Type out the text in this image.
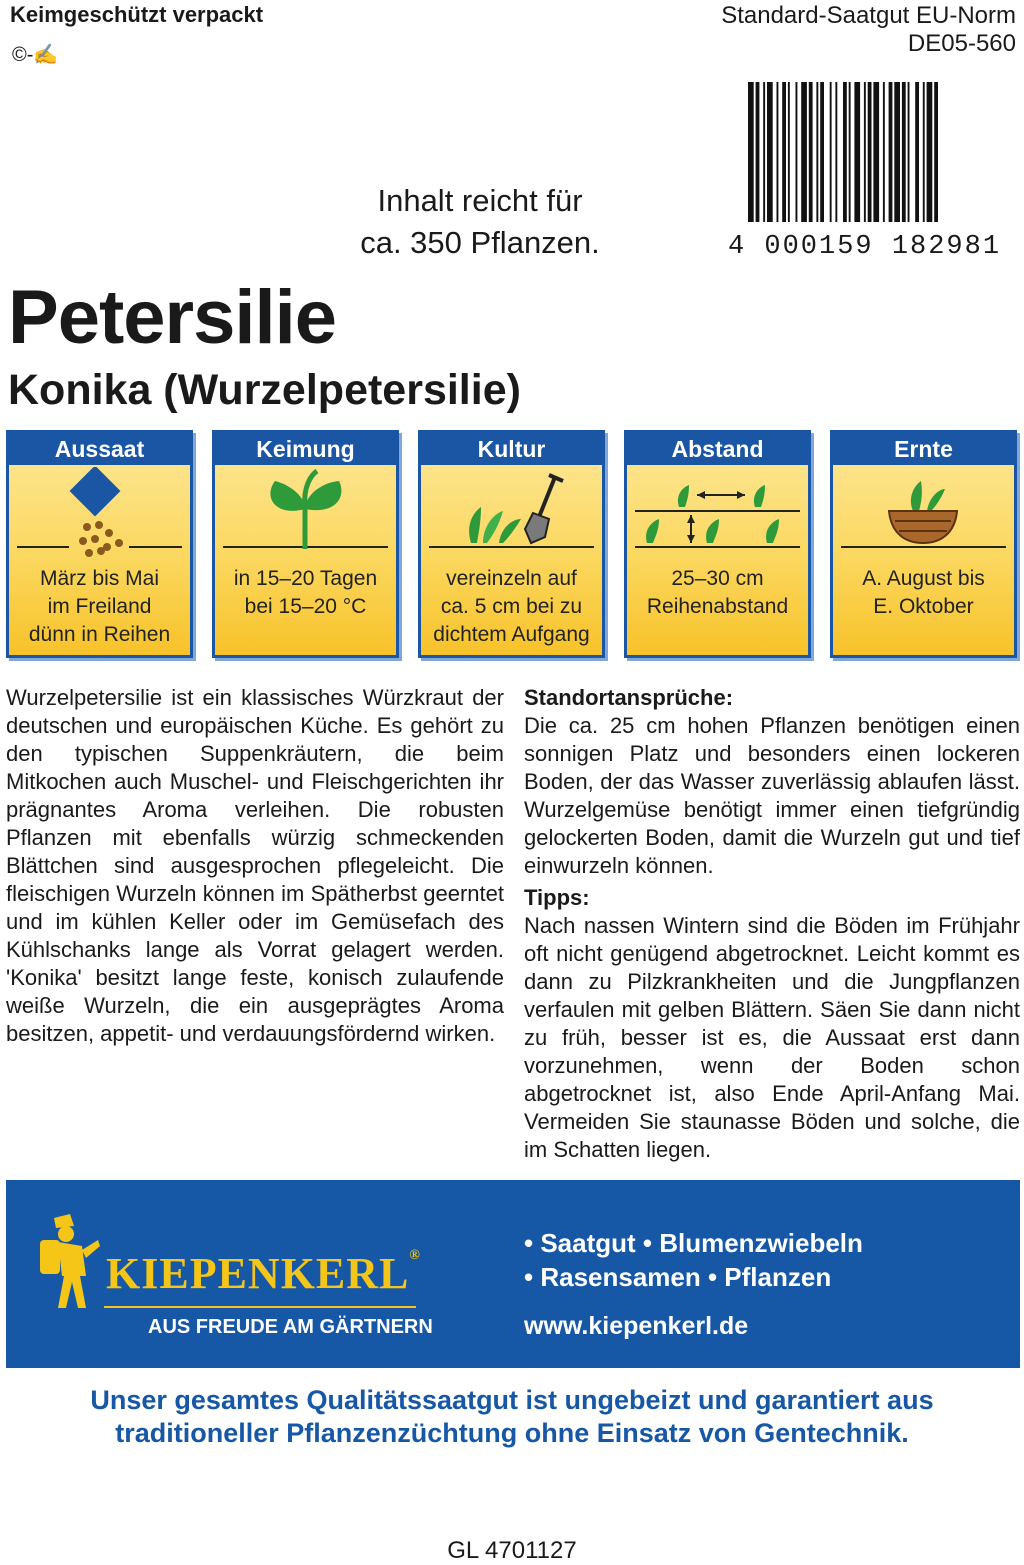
Keimgeschützt verpackt
©-✍
Standard-Saatgut EU-Norm
DE05-560
Inhalt reicht für
ca. 350 Pflanzen.	4 000159 182981
Petersilie
Konika (Wurzelpetersilie)
Aussaat
März bis Mai
im Freiland
dünn in Reihen
Keimung
in 15–20 Tagen
bei 15–20 °C
Kultur
vereinzeln auf
ca. 5 cm bei zu
dichtem Aufgang
Abstand
25–30 cm
Reihenabstand
Ernte
A. August bis
E. Oktober
Wurzelpetersilie ist ein klassisches Würzkraut der deutschen und europäischen Küche. Es gehört zu den typischen Suppenkräutern, die beim Mitkochen auch Muschel- und Fleischgerichten ihr prägnantes Aroma verleihen. Die robusten Pflanzen mit ebenfalls würzig schmeckenden Blättchen sind ausgesprochen pflegeleicht. Die fleischigen Wurzeln können im Spätherbst geerntet und im kühlen Keller oder im Gemüsefach des Kühlschanks lange als Vorrat gelagert werden. 'Konika' besitzt lange feste, konisch zulaufende weiße Wurzeln, die ein ausgeprägtes Aroma besitzen, appetit- und verdauungsfördernd wirken.
Standortansprüche:
Die ca. 25 cm hohen Pflanzen benötigen einen sonnigen Platz und besonders einen lockeren Boden, der das Wasser zuverlässig ablaufen lässt. Wurzelgemüse benötigt immer einen tiefgründig gelockerten Boden, damit die Wurzeln gut und tief einwurzeln können.
Tipps:
Nach nassen Wintern sind die Böden im Frühjahr oft nicht genügend abgetrocknet. Leicht kommt es dann zu Pilzkrankheiten und die Jungpflanzen verfaulen mit gelben Blättern. Säen Sie dann nicht zu früh, besser ist es, die Aussaat erst dann vorzunehmen, wenn der Boden schon abgetrocknet ist, also Ende April-Anfang Mai. Vermeiden Sie staunasse Böden und solche, die im Schatten liegen.
KIEPENKERL®
AUS FREUDE AM GÄRTNERN
• Saatgut • Blumenzwiebeln
• Rasensamen • Pflanzen
www.kiepenkerl.de
Unser gesamtes Qualitätssaatgut ist ungebeizt und garantiert aus
traditioneller Pflanzenzüchtung ohne Einsatz von Gentechnik.
GL 4701127
